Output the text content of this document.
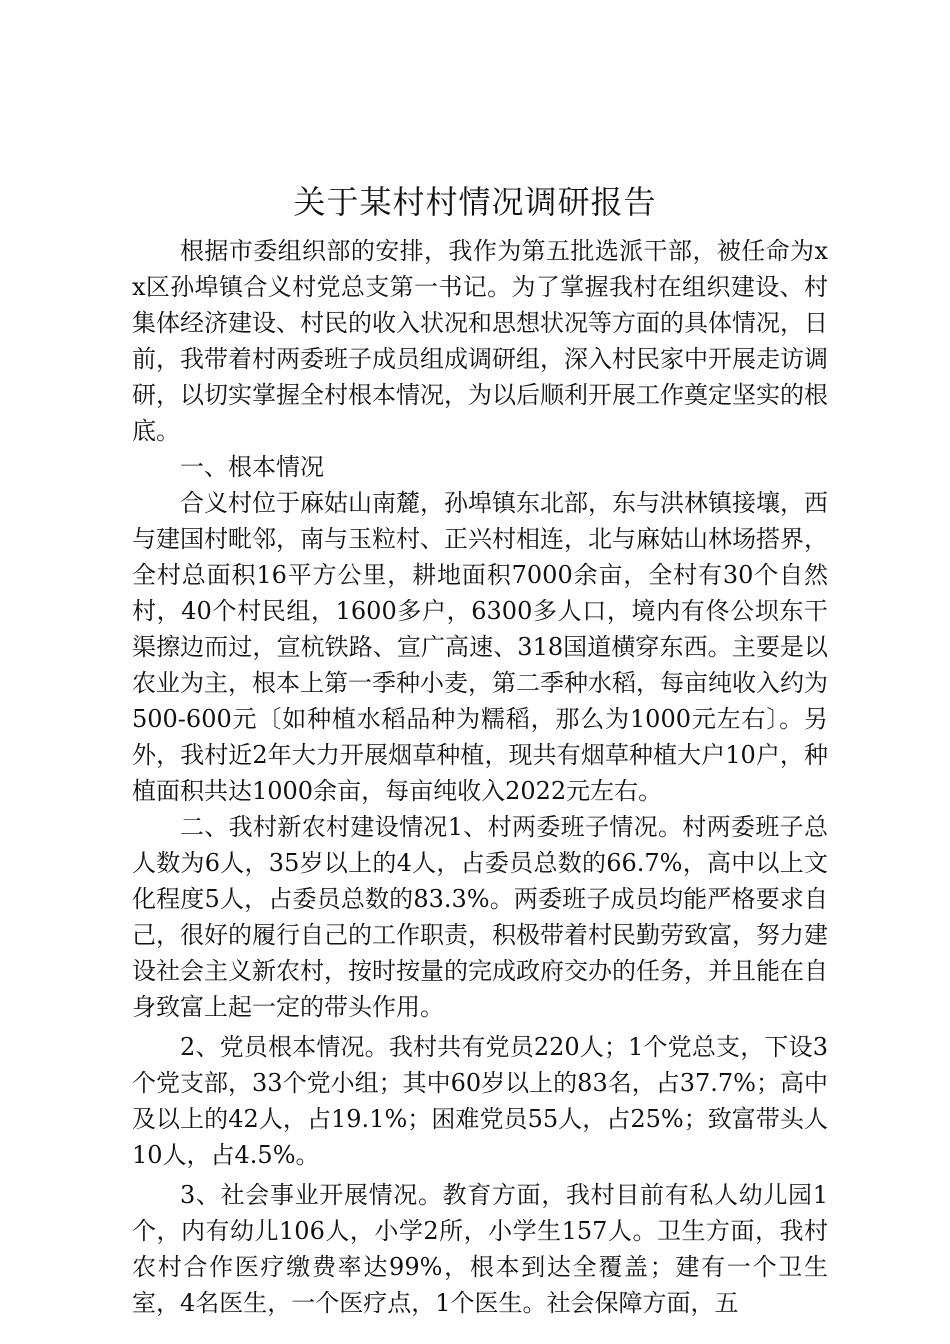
关于某村村情况调研报告

根据市委组织部的安排，我作为第五批选派干部，被任命为xx区孙埠镇合义村党总支第一书记。为了掌握我村在组织建设、村集体经济建设、村民的收入状况和思想状况等方面的具体情况，日前，我带着村两委班子成员组成调研组，深入村民家中开展走访调研，以切实掌握全村根本情况，为以后顺利开展工作奠定坚实的根底。

一、根本情况

合义村位于麻姑山南麓，孙埠镇东北部，东与洪林镇接壤，西与建国村毗邻，南与玉粒村、正兴村相连，北与麻姑山林场搭界，全村总面积16平方公里，耕地面积7000余亩，全村有30个自然村，40个村民组，1600多户，6300多人口，境内有佟公坝东干渠擦边而过，宣杭铁路、宣广高速、318国道横穿东西。主要是以农业为主，根本上第一季种小麦，第二季种水稻，每亩纯收入约为500-600元〔如种植水稻品种为糯稻，那么为1000元左右〕。另外，我村近2年大力开展烟草种植，现共有烟草种植大户10户，种植面积共达1000余亩，每亩纯收入2022元左右。

二、我村新农村建设情况1、村两委班子情况。村两委班子总人数为6人，35岁以上的4人，占委员总数的66.7%，高中以上文化程度5人，占委员总数的83.3%。两委班子成员均能严格要求自己，很好的履行自己的工作职责，积极带着村民勤劳致富，努力建设社会主义新农村，按时按量的完成政府交办的任务，并且能在自身致富上起一定的带头作用。

2、党员根本情况。我村共有党员220人；1个党总支，下设3个党支部，33个党小组；其中60岁以上的83名，占37.7%；高中及以上的42人，占19.1%；困难党员55人，占25%；致富带头人10人，占4.5%。

3、社会事业开展情况。教育方面，我村目前有私人幼儿园1个，内有幼儿106人，小学2所，小学生157人。卫生方面，我村农村合作医疗缴费率达99%，根本到达全覆盖；建有一个卫生室，4名医生，一个医疗点，1个医生。社会保障方面，五
